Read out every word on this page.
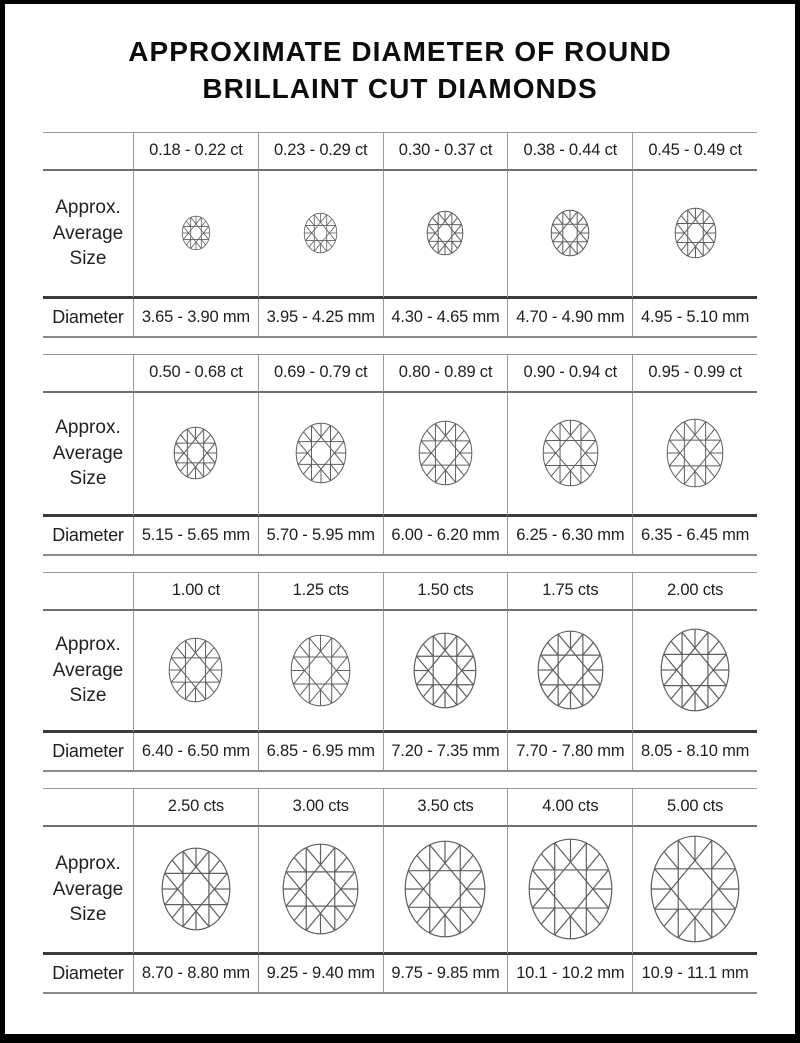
APPROXIMATE DIAMETER OF ROUND
BRILLAINT CUT DIAMONDS
0.18 - 0.22 ct	0.23 - 0.29 ct	0.30 - 0.37 ct	0.38 - 0.44 ct	0.45 - 0.49 ct
Approx.
Average
Size
Diameter	3.65 - 3.90 mm	3.95 - 4.25 mm	4.30 - 4.65 mm	4.70 - 4.90 mm	4.95 - 5.10 mm
0.50 - 0.68 ct	0.69 - 0.79 ct	0.80 - 0.89 ct	0.90 - 0.94 ct	0.95 - 0.99 ct
Approx.
Average
Size
Diameter	5.15 - 5.65 mm	5.70 - 5.95 mm	6.00 - 6.20 mm	6.25 - 6.30 mm	6.35 - 6.45 mm
1.00 ct	1.25 cts	1.50 cts	1.75 cts	2.00 cts
Approx.
Average
Size
Diameter	6.40 - 6.50 mm	6.85 - 6.95 mm	7.20 - 7.35 mm	7.70 - 7.80 mm	8.05 - 8.10 mm
2.50 cts	3.00 cts	3.50 cts	4.00 cts	5.00 cts
Approx.
Average
Size
Diameter	8.70 - 8.80 mm	9.25 - 9.40 mm	9.75 - 9.85 mm	10.1 - 10.2 mm	10.9 - 11.1 mm
